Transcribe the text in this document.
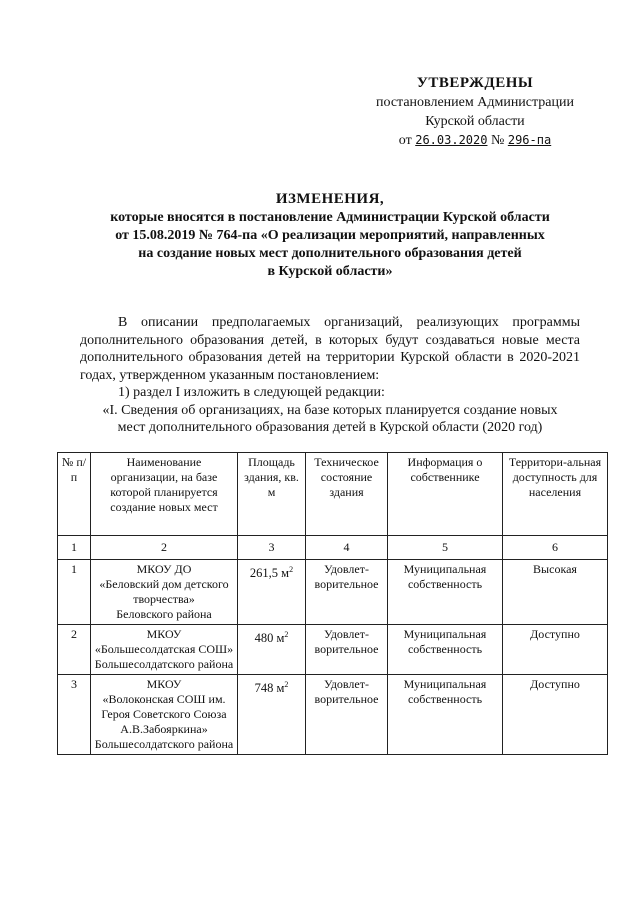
УТВЕРЖДЕНЫ
постановлением Администрации
Курской области
от 26.03.2020 № 296-па
ИЗМЕНЕНИЯ,
которые вносятся в постановление Администрации Курской области
от 15.08.2019 № 764-па «О реализации мероприятий, направленных
на создание новых мест дополнительного образования детей
в Курской области»

В описании предполагаемых организаций, реализующих программы дополнительного образования детей, в которых будут создаваться новые места дополнительного образования детей на территории Курской области в 2020-2021 годах, утвержденном указанным постановлением:

1) раздел I изложить в следующей редакции:

«I. Сведения об организациях, на базе которых планируется создание новых

мест дополнительного образования детей в Курской области (2020 год)

№ п/п	Наименование организации, на базе которой планируется создание новых мест	Площадь здания, кв. м	Техническое состояние здания	Информация о собственнике	Территори-альная доступность для населения
1	2	3	4	5	6
1	МКОУ ДО
«Беловский дом детского творчества»
Беловского района	261,5 $м^2$	Удовлет-ворительное	Муниципальная собственность	Высокая
2	МКОУ
«Большесолдатская СОШ»
Большесолдатского района	480 $м^2$	Удовлет-ворительное	Муниципальная собственность	Доступно
3	МКОУ
«Волоконская СОШ им. Героя Советского Союза А.В.Забояркина»
Большесолдатского района	748 $м^2$	Удовлет-ворительное	Муниципальная собственность	Доступно
